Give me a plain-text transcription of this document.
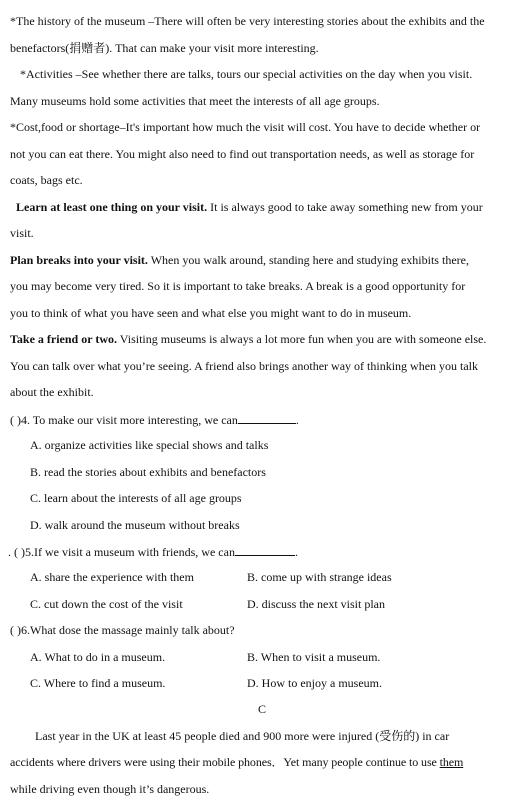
*The history of the museum –There will often be very interesting stories about the exhibits and the
benefactors(捐赠者). That can make your visit more interesting.
*Activities –See whether there are talks, tours our special activities on the day when you visit.
Many museums hold some activities that meet the interests of all age groups.
*Cost,food or shortage–It's important how much the visit will cost. You have to decide whether or
not you can eat there. You might also need to find out transportation needs, as well as storage for
coats, bags etc.
Learn at least one thing on your visit. It is always good to take away something new from your
visit.
Plan breaks into your visit. When you walk around, standing here and studying exhibits there,
you may become very tired. So it is important to take breaks. A break is a good opportunity for
you to think of what you have seen and what else you might want to do in museum.
Take a friend or two. Visiting museums is always a lot more fun when you are with someone else.
You can talk over what you’re seeing. A friend also brings another way of thinking when you talk
about the exhibit.
( )4. To make our visit more interesting, we can	.
A. organize activities like special shows and talks
B. read the stories about exhibits and benefactors
C. learn about the interests of all age groups
D. walk around the museum without breaks
. ( )5.If we visit a museum with friends, we can	.
A. share the experience with them	B. come up with strange ideas
C. cut down the cost of the visit	D. discuss the next visit plan
( )6.What dose the massage mainly talk about?
A. What to do in a museum.	B. When to visit a museum.
C. Where to find a museum.	D. How to enjoy a museum.
C
Last year in the UK at least 45 people died and 900 more were injured (受伤的) in car
accidents where drivers were using their mobile phones．Yet many people continue to use them
while driving even though it’s dangerous.
